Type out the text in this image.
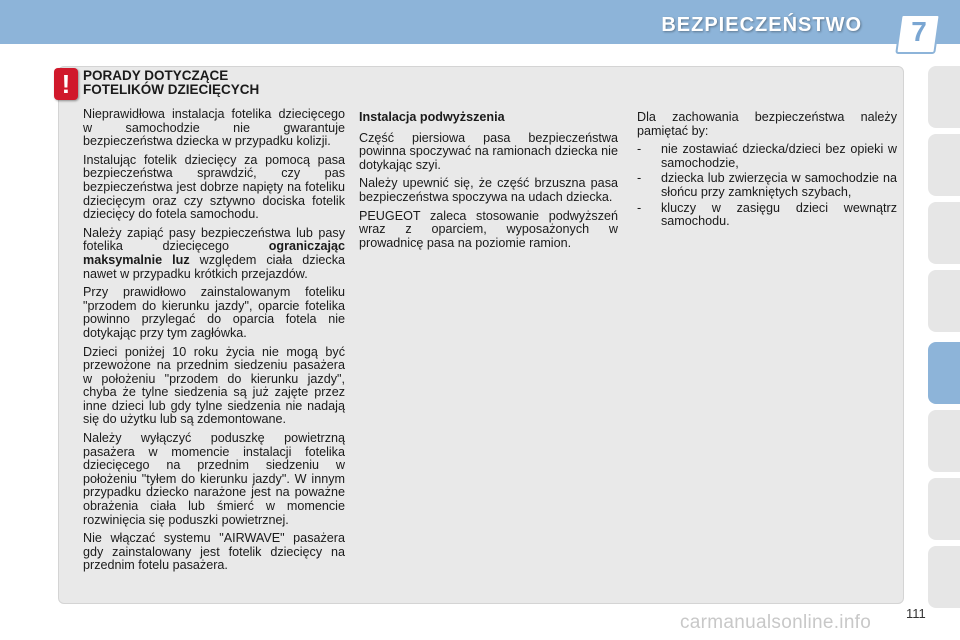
BEZPIECZEŃSTWO	7
! PORADY DOTYCZĄCE
FOTELIKÓW DZIECIĘCYCH

Nieprawidłowa instalacja fotelika dziecięcego w samochodzie nie gwarantuje bezpieczeństwa dziecka w przypadku kolizji.

Instalując fotelik dziecięcy za pomocą pasa bezpieczeństwa sprawdzić, czy pas bezpieczeństwa jest dobrze napięty na foteliku dziecięcym oraz czy sztywno dociska fotelik dziecięcy do fotela samochodu.

Należy zapiąć pasy bezpieczeństwa lub pasy fotelika dziecięcego ograniczając maksymalnie luz względem ciała dziecka nawet w przypadku krótkich przejazdów.

Przy prawidłowo zainstalowanym foteliku "przodem do kierunku jazdy", oparcie fotelika powinno przylegać do oparcia fotela nie dotykając przy tym zagłówka.

Dzieci poniżej 10 roku życia nie mogą być przewożone na przednim siedzeniu pasażera w położeniu "przodem do kierunku jazdy", chyba że tylne siedzenia są już zajęte przez inne dzieci lub gdy tylne siedzenia nie nadają się do użytku lub są zdemontowane.

Należy wyłączyć poduszkę powietrzną pasażera w momencie instalacji fotelika dziecięcego na przednim siedzeniu w położeniu "tyłem do kierunku jazdy". W innym przypadku dziecko narażone jest na poważne obrażenia ciała lub śmierć w momencie rozwinięcia się poduszki powietrznej.

Nie włączać systemu "AIRWAVE" pasażera gdy zainstalowany jest fotelik dziecięcy na przednim fotelu pasażera.

Instalacja podwyższenia

Część piersiowa pasa bezpieczeństwa powinna spoczywać na ramionach dziecka nie dotykając szyi.

Należy upewnić się, że część brzuszna pasa bezpieczeństwa spoczywa na udach dziecka.

PEUGEOT zaleca stosowanie podwyższeń wraz z oparciem, wyposażonych w prowadnicę pasa na poziomie ramion.

Dla zachowania bezpieczeństwa należy pamiętać by:

-	nie zostawiać dziecka/dzieci bez opieki w samochodzie,
-	dziecka lub zwierzęcia w samochodzie na słońcu przy zamkniętych szybach,
-	kluczy w zasięgu dzieci wewnątrz samochodu.
111
carmanualsonline.info
